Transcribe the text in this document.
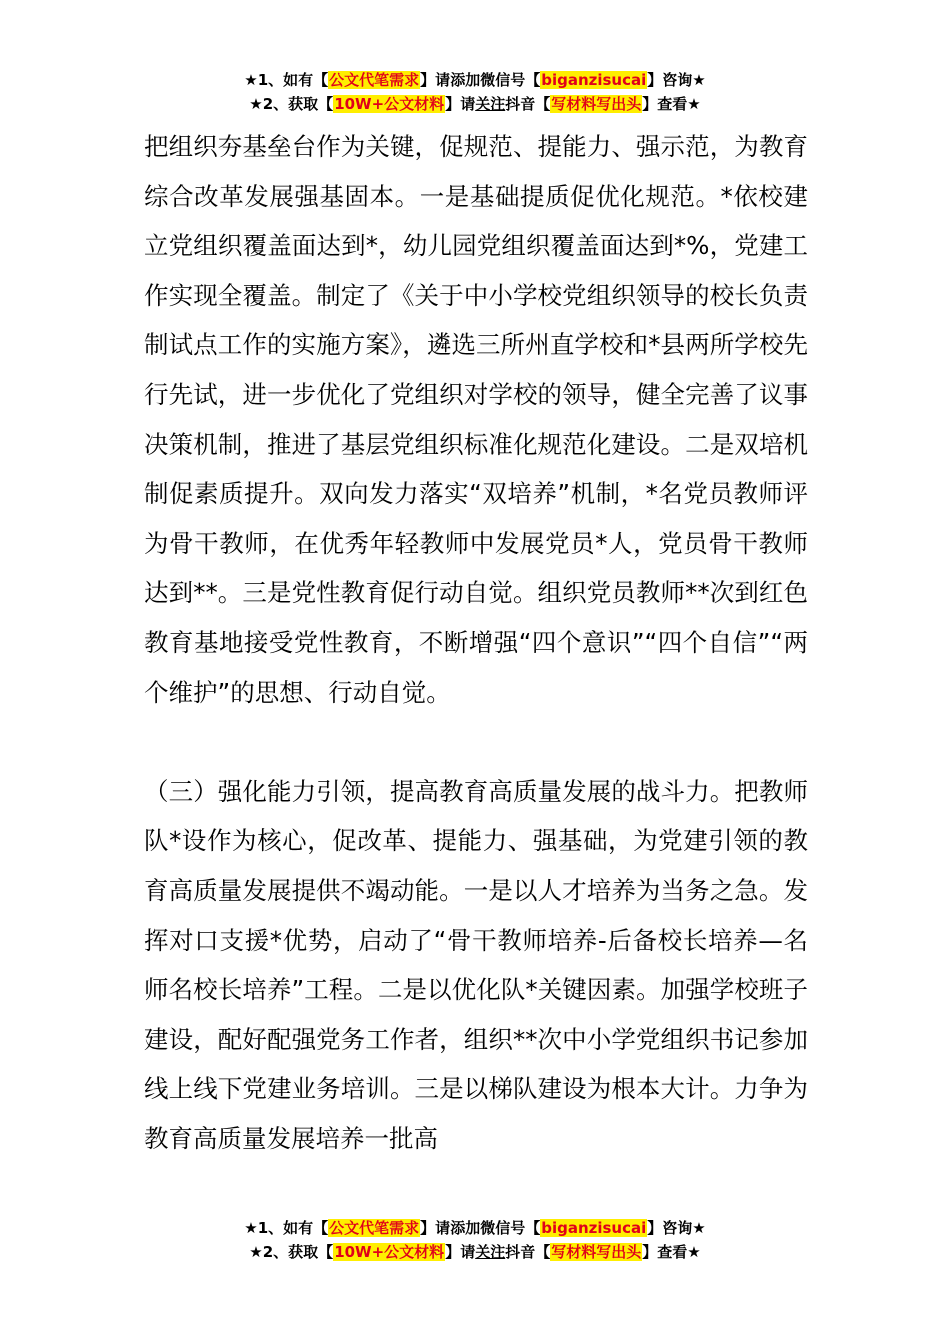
★1、如有【公文代笔需求】请添加微信号【biganzisucai】咨询★
★2、获取【10W+公文材料】请关注抖音【写材料写出头】查看★

把组织夯基垒台作为关键，促规范、提能力、强示范，为教育综合改革发展强基固本。一是基础提质促优化规范。*依校建立党组织覆盖面达到*，幼儿园党组织覆盖面达到*%，党建工作实现全覆盖。制定了《关于中小学校党组织领导的校长负责制试点工作的实施方案》，遴选三所州直学校和*县两所学校先行先试，进一步优化了党组织对学校的领导，健全完善了议事决策机制，推进了基层党组织标准化规范化建设。二是双培机制促素质提升。双向发力落实“双培养”机制，*名党员教师评为骨干教师，在优秀年轻教师中发展党员*人，党员骨干教师达到**。三是党性教育促行动自觉。组织党员教师**次到红色教育基地接受党性教育，不断增强“四个意识”“四个自信”“两个维护”的思想、行动自觉。

（三）强化能力引领，提高教育高质量发展的战斗力。把教师队*设作为核心，促改革、提能力、强基础，为党建引领的教育高质量发展提供不竭动能。一是以人才培养为当务之急。发挥对口支援*优势，启动了“骨干教师培养-后备校长培养—名师名校长培养”工程。二是以优化队*关键因素。加强学校班子建设，配好配强党务工作者，组织**次中小学党组织书记参加线上线下党建业务培训。三是以梯队建设为根本大计。力争为教育高质量发展培养一批高

★1、如有【公文代笔需求】请添加微信号【biganzisucai】咨询★
★2、获取【10W+公文材料】请关注抖音【写材料写出头】查看★
